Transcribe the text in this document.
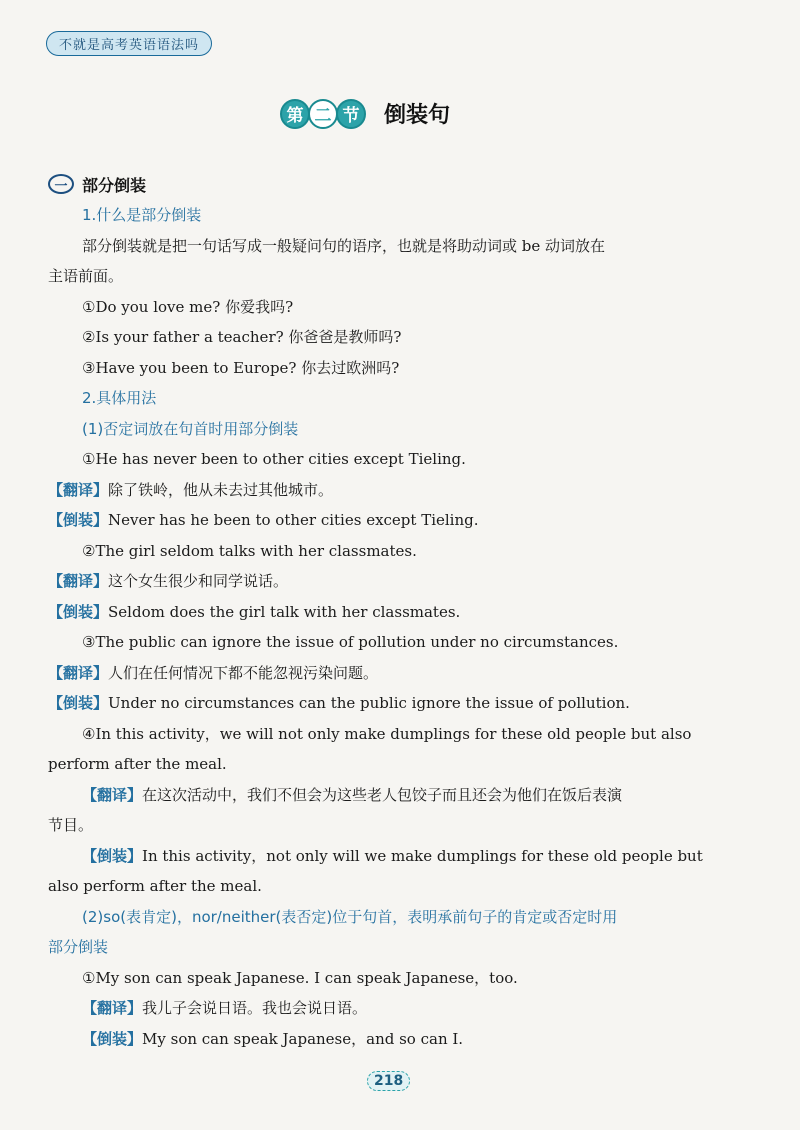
不就是高考英语语法吗
第 二 节 倒装句
一 部分倒装
1.什么是部分倒装
部分倒装就是把一句话写成一般疑问句的语序，也就是将助动词或 be 动词放在
主语前面。
①Do you love me? 你爱我吗?
②Is your father a teacher? 你爸爸是教师吗?
③Have you been to Europe? 你去过欧洲吗?
2.具体用法
(1)否定词放在句首时用部分倒装
①He has never been to other cities except Tieling.
【翻译】除了铁岭，他从未去过其他城市。
【倒装】Never has he been to other cities except Tieling.
②The girl seldom talks with her classmates.
【翻译】这个女生很少和同学说话。
【倒装】Seldom does the girl talk with her classmates.
③The public can ignore the issue of pollution under no circumstances.
【翻译】人们在任何情况下都不能忽视污染问题。
【倒装】Under no circumstances can the public ignore the issue of pollution.
④In this activity，we will not only make dumplings for these old people but also
perform after the meal.
【翻译】在这次活动中，我们不但会为这些老人包饺子而且还会为他们在饭后表演
节目。
【倒装】In this activity，not only will we make dumplings for these old people but
also perform after the meal.
(2)so(表肯定)，nor/neither(表否定)位于句首，表明承前句子的肯定或否定时用
部分倒装
①My son can speak Japanese. I can speak Japanese，too.
【翻译】我儿子会说日语。我也会说日语。
【倒装】My son can speak Japanese，and so can I.
218
